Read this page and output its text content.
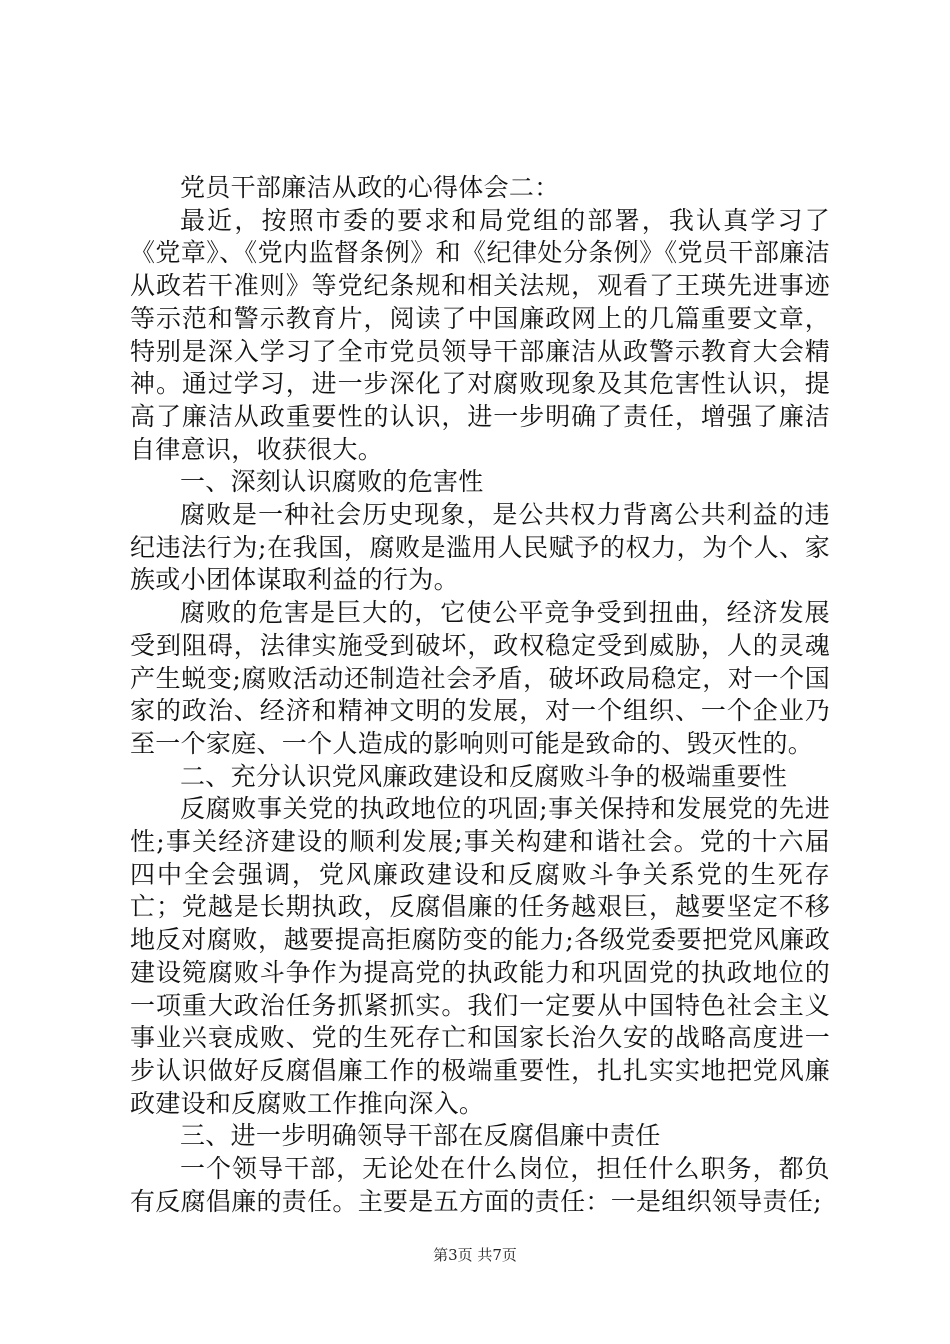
党员干部廉洁从政的心得体会二：

最近，按照市委的要求和局党组的部署，我认真学习了《党章》、《党内监督条例》和《纪律处分条例》《党员干部廉洁从政若干准则》等党纪条规和相关法规，观看了王瑛先进事迹等示范和警示教育片，阅读了中国廉政网上的几篇重要文章，特别是深入学习了全市党员领导干部廉洁从政警示教育大会精神。通过学习，进一步深化了对腐败现象及其危害性认识，提高了廉洁从政重要性的认识，进一步明确了责任，增强了廉洁自律意识，收获很大。

一、深刻认识腐败的危害性

腐败是一种社会历史现象，是公共权力背离公共利益的违纪违法行为;在我国，腐败是滥用人民赋予的权力，为个人、家族或小团体谋取利益的行为。

腐败的危害是巨大的，它使公平竞争受到扭曲，经济发展受到阻碍，法律实施受到破坏，政权稳定受到威胁，人的灵魂产生蜕变;腐败活动还制造社会矛盾，破坏政局稳定，对一个国家的政治、经济和精神文明的发展，对一个组织、一个企业乃至一个家庭、一个人造成的影响则可能是致命的、毁灭性的。

二、充分认识党风廉政建设和反腐败斗争的极端重要性

反腐败事关党的执政地位的巩固;事关保持和发展党的先进性;事关经济建设的顺利发展;事关构建和谐社会。党的十六届四中全会强调，党风廉政建设和反腐败斗争关系党的生死存亡；党越是长期执政，反腐倡廉的任务越艰巨，越要坚定不移地反对腐败，越要提高拒腐防变的能力;各级党委要把党风廉政建设箢腐败斗争作为提高党的执政能力和巩固党的执政地位的一项重大政治任务抓紧抓实。我们一定要从中国特色社会主义事业兴衰成败、党的生死存亡和国家长治久安的战略高度进一步认识做好反腐倡廉工作的极端重要性，扎扎实实地把党风廉政建设和反腐败工作推向深入。

三、进一步明确领导干部在反腐倡廉中责任

一个领导干部，无论处在什么岗位，担任什么职务，都负有反腐倡廉的责任。主要是五方面的责任：一是组织领导责任;

第3页 共7页
